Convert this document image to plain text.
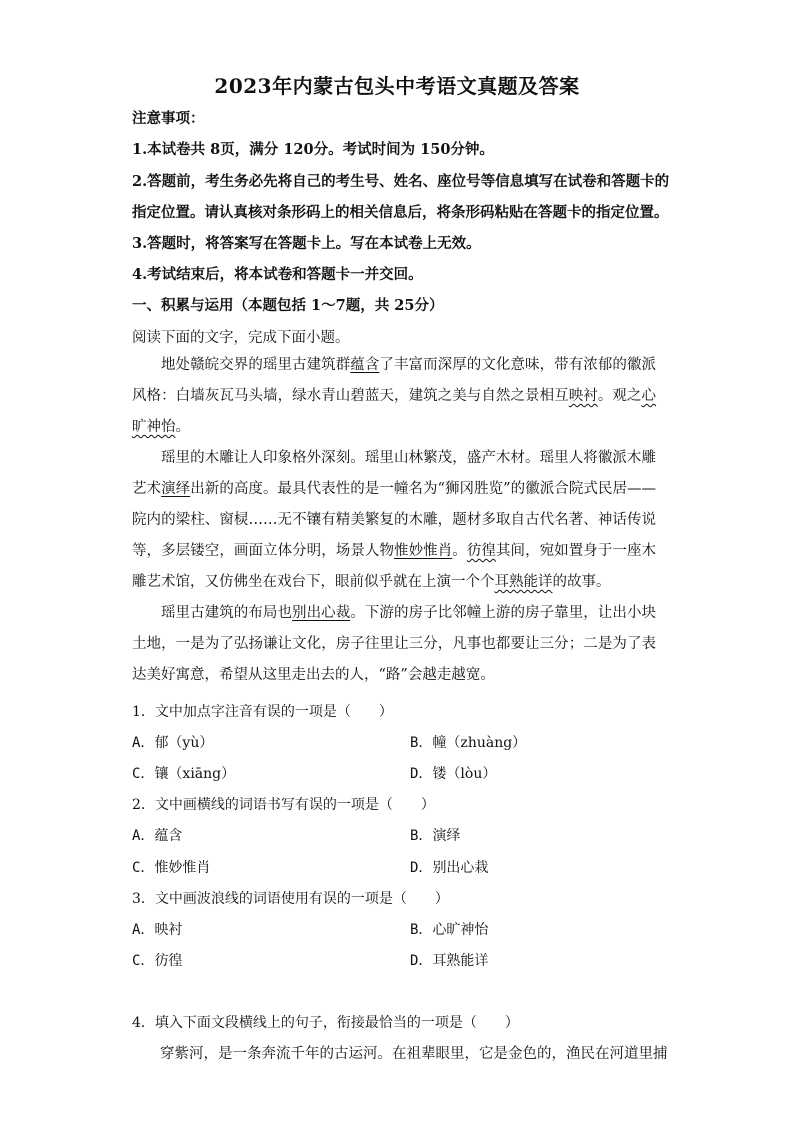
2023年内蒙古包头中考语文真题及答案
注意事项：
1.本试卷共 8页，满分 120分。考试时间为 150分钟。
2.答题前，考生务必先将自己的考生号、姓名、座位号等信息填写在试卷和答题卡的
指定位置。请认真核对条形码上的相关信息后，将条形码粘贴在答题卡的指定位置。
3.答题时，将答案写在答题卡上。写在本试卷上无效。
4.考试结束后，将本试卷和答题卡一并交回。
一、积累与运用（本题包括 1～7题，共 25分）
阅读下面的文字，完成下面小题。

地处赣皖交界的瑶里古建筑群蕴含了丰富而深厚的文化意味，带有浓郁的徽派风格：白墙灰瓦马头墙，绿水青山碧蓝天，建筑之美与自然之景相互映衬。观之心旷神怡。

瑶里的木雕让人印象格外深刻。瑶里山林繁茂，盛产木材。瑶里人将徽派木雕艺术演绎出新的高度。最具代表性的是一幢名为“狮冈胜览”的徽派合院式民居——院内的梁柱、窗棂……无不镶有精美繁复的木雕，题材多取自古代名著、神话传说等，多层镂空，画面立体分明，场景人物惟妙惟肖。彷徨其间，宛如置身于一座木雕艺术馆，又仿佛坐在戏台下，眼前似乎就在上演一个个耳熟能详的故事。

瑶里古建筑的布局也别出心裁。下游的房子比邻幢上游的房子靠里，让出小块土地，一是为了弘扬谦让文化，房子往里让三分，凡事也都要让三分；二是为了表达美好寓意，希望从这里走出去的人，“路”会越走越宽。

1．文中加点字注音有误的一项是（　　）
A．郁（yù）	B．幢（zhuàng）
C．镶（xiāng）	D．镂（lòu）
2．文中画横线的词语书写有误的一项是（　　）
A．蕴含	B．演绎
C．惟妙惟肖	D．别出心栽
3．文中画波浪线的词语使用有误的一项是（　　）
A．映衬	B．心旷神怡
C．彷徨	D．耳熟能详
4．填入下面文段横线上的句子，衔接最恰当的一项是（　　）
穿紫河，是一条奔流千年的古运河。在祖辈眼里，它是金色的，渔民在河道里捕
